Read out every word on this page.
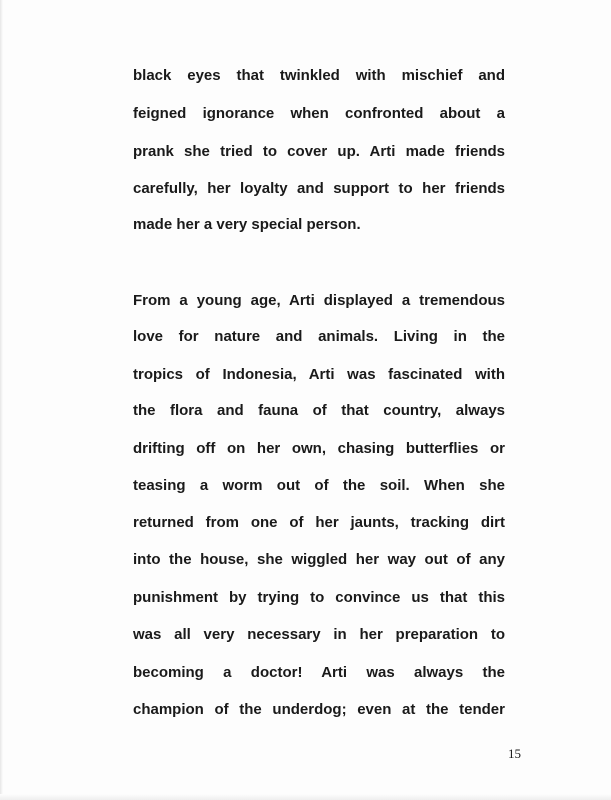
black eyes that twinkled with mischief and

feigned ignorance when confronted about a

prank she tried to cover up. Arti made friends

carefully, her loyalty and support to her friends

made her a very special person.

From a young age, Arti displayed a tremendous

love for nature and animals. Living in the

tropics of Indonesia, Arti was fascinated with

the flora and fauna of that country, always

drifting off on her own, chasing butterflies or

teasing a worm out of the soil. When she

returned from one of her jaunts, tracking dirt

into the house, she wiggled her way out of any

punishment by trying to convince us that this

was all very necessary in her preparation to

becoming a doctor! Arti was always the

champion of the underdog; even at the tender

15
